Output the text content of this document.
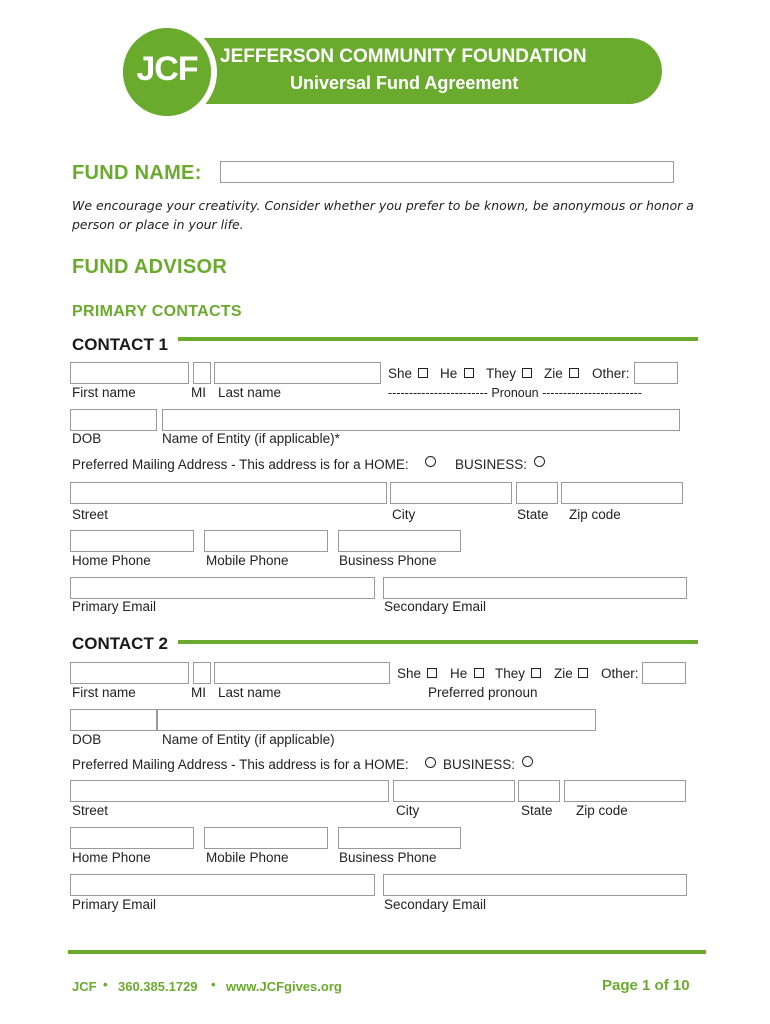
JCF	JEFFERSON COMMUNITY FOUNDATION
Universal Fund Agreement
FUND NAME:
We encourage your creativity. Consider whether you prefer to be known, be anonymous or honor a
person or place in your life.
FUND ADVISOR
PRIMARY CONTACTS
CONTACT 1
First name	MI Last name
She He They Zie Other:
------------------------ Pronoun ------------------------
DOB	Name of Entity (if applicable)*
Preferred Mailing Address - This address is for a HOME:	BUSINESS:
Street	City	State Zip code
Home Phone	Mobile Phone	Business Phone
Primary Email	Secondary Email
CONTACT 2
First name	MI Last name
She He They Zie Other:
Preferred pronoun
DOB	Name of Entity (if applicable)
Preferred Mailing Address - This address is for a HOME:	BUSINESS:
Street	City	State Zip code
Home Phone	Mobile Phone	Business Phone
Primary Email	Secondary Email
JCF • 360.385.1729 • www.JCFgives.org	Page 1 of 10
